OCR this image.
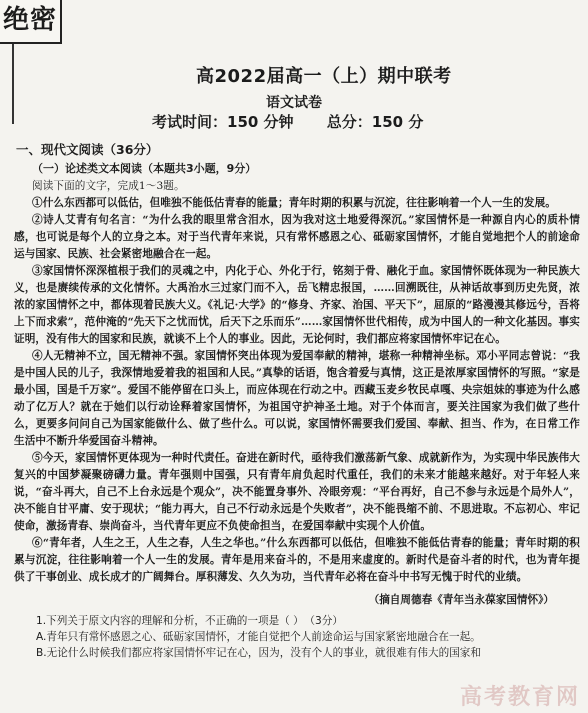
绝密
高2022届高一（上）期中联考
语文试卷
考试时间：150 分钟 总分：150 分

一、现代文阅读（36分）

（一）论述类文本阅读（本题共3小题，9分）

阅读下面的文字，完成1～3题。

①什么东西都可以低估，但唯独不能低估青春的能量；青年时期的积累与沉淀，往往影响着一个人一生的发展。

②诗人艾青有句名言：“为什么我的眼里常含泪水，因为我对这土地爱得深沉。”家国情怀是一种源自内心的质朴情感，也可说是每个人的立身之本。对于当代青年来说，只有常怀感恩之心、砥砺家国情怀，才能自觉地把个人的前途命运与国家、民族、社会紧密地融合在一起。

③家国情怀深深植根于我们的灵魂之中，内化于心、外化于行，铭刻于骨、融化于血。家国情怀既体现为一种民族大义，也是赓续传承的文化情怀。大禹治水三过家门而不入，岳飞精忠报国，……回溯既往，从神话故事到历史先贤，浓浓的家国情怀之中，都体现着民族大义。《礼记·大学》的“修身、齐家、治国、平天下”，屈原的“路漫漫其修远兮，吾将上下而求索”，范仲淹的“先天下之忧而忧，后天下之乐而乐”……家国情怀世代相传，成为中国人的一种文化基因。事实证明，没有伟大的国家和民族，就谈不上个人的事业。因此，无论何时，我们都应将家国情怀牢记在心。

④人无精神不立，国无精神不强。家国情怀突出体现为爱国奉献的精神，堪称一种精神坐标。邓小平同志曾说：“我是中国人民的儿子，我深情地爱着我的祖国和人民。”真挚的话语，饱含着爱与真情，这正是浓厚家国情怀的写照。“家是最小国，国是千万家”。爱国不能停留在口头上，而应体现在行动之中。西藏玉麦乡牧民卓嘎、央宗姐妹的事迹为什么感动了亿万人？就在于她们以行动诠释着家国情怀，为祖国守护神圣土地。对于个体而言，要关注国家为我们做了些什么，更要多问问自己为国家能做什么、做了些什么。可以说，家国情怀需要我们爱国、奉献、担当、作为，在日常工作生活中不断升华爱国奋斗精神。

⑤今天，家国情怀更体现为一种时代责任。奋进在新时代，亟待我们激荡新气象、成就新作为，为实现中华民族伟大复兴的中国梦凝聚磅礴力量。青年强则中国强，只有青年肩负起时代重任，我们的未来才能越来越好。对于年轻人来说，“奋斗再大，自己不上台永远是个观众”，决不能置身事外、冷眼旁观：“平台再好，自己不参与永远是个局外人”，决不能自甘平庸、安于现状；“能力再大，自己不行动永远是个失败者”，决不能畏缩不前、不思进取。不忘初心、牢记使命，激扬青春、崇尚奋斗，当代青年更应不负使命担当，在爱国奉献中实现个人价值。

⑥“青年者，人生之王，人生之春，人生之华也。”什么东西都可以低估，但唯独不能低估青春的能量；青年时期的积累与沉淀，往往影响着一个人一生的发展。青年是用来奋斗的，不是用来虚度的。新时代是奋斗者的时代，也为青年提供了干事创业、成长成才的广阔舞台。厚积薄发、久久为功，当代青年必将在奋斗中书写无愧于时代的业绩。

（摘自周德春《青年当永葆家国情怀》）

1.下列关于原文内容的理解和分析，不正确的一项是（ ） （3分）

A.青年只有常怀感恩之心、砥砺家国情怀，才能自觉把个人前途命运与国家紧密地融合在一起。

B.无论什么时候我们都应将家国情怀牢记在心，因为，没有个人的事业，就很难有伟大的国家和

高考教育网
